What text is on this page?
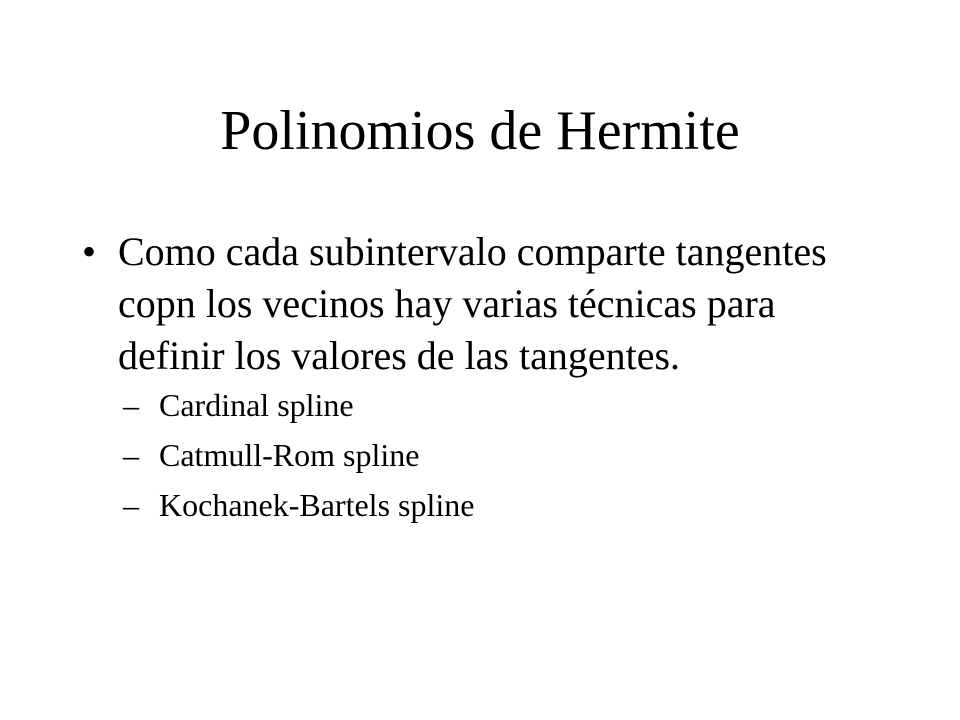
Polinomios de Hermite
• Como cada subintervalo comparte tangentes copn los vecinos hay varias técnicas para definir los valores de las tangentes.
– Cardinal spline
– Catmull-Rom spline
– Kochanek-Bartels spline
